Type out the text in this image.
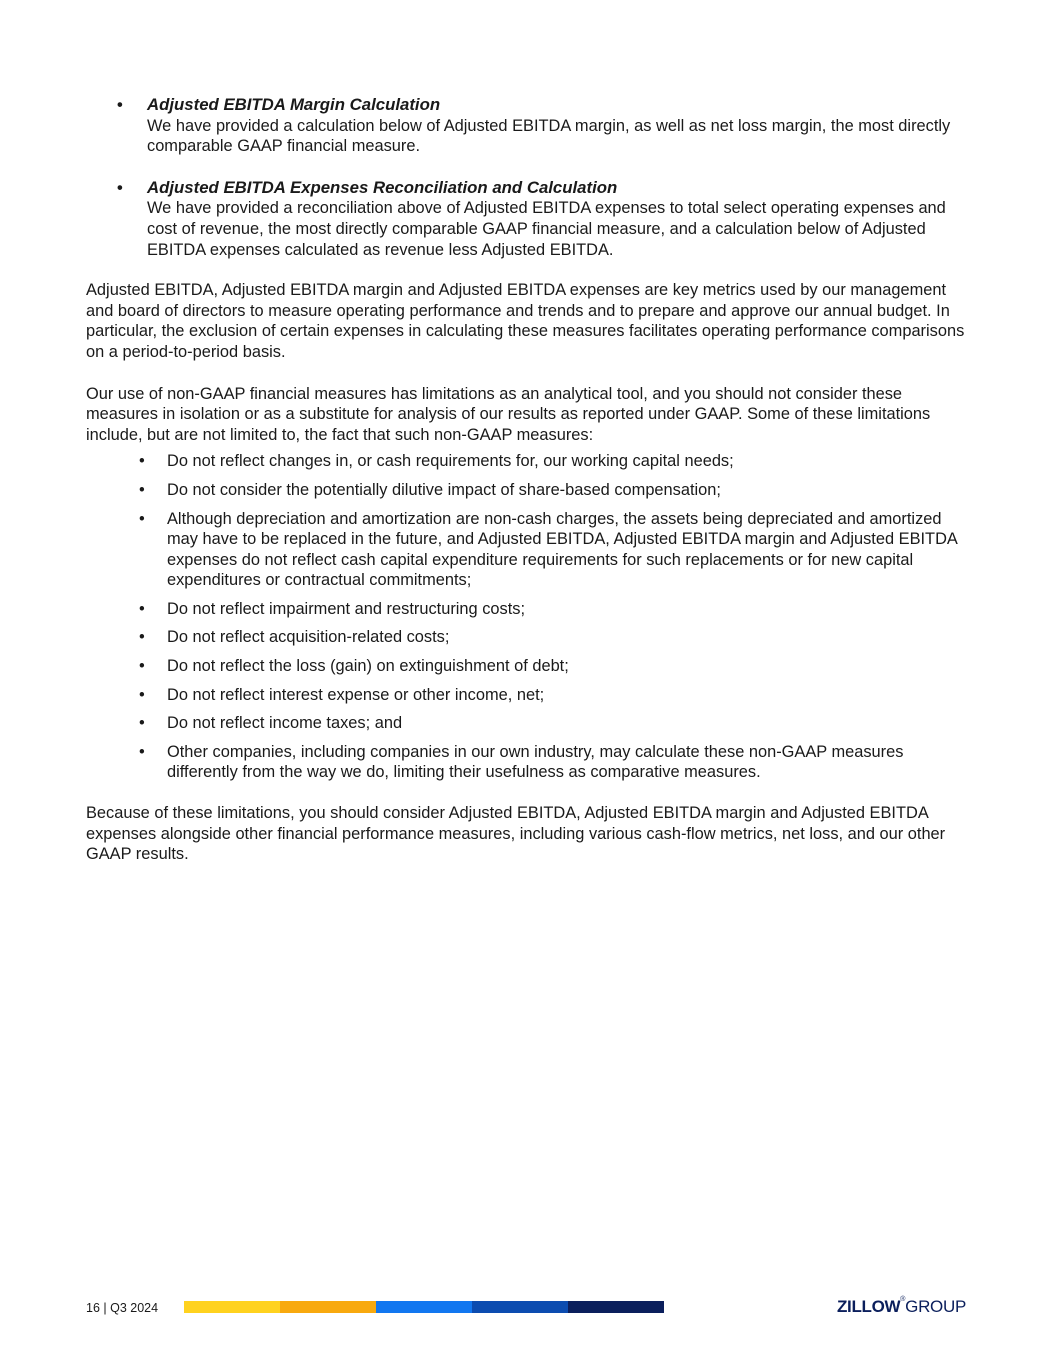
• Adjusted EBITDA Margin Calculation
We have provided a calculation below of Adjusted EBITDA margin, as well as net loss margin, the most directly comparable GAAP financial measure.
• Adjusted EBITDA Expenses Reconciliation and Calculation
We have provided a reconciliation above of Adjusted EBITDA expenses to total select operating expenses and cost of revenue, the most directly comparable GAAP financial measure, and a calculation below of Adjusted EBITDA expenses calculated as revenue less Adjusted EBITDA.

Adjusted EBITDA, Adjusted EBITDA margin and Adjusted EBITDA expenses are key metrics used by our management and board of directors to measure operating performance and trends and to prepare and approve our annual budget. In particular, the exclusion of certain expenses in calculating these measures facilitates operating performance comparisons on a period-to-period basis.

Our use of non-GAAP financial measures has limitations as an analytical tool, and you should not consider these measures in isolation or as a substitute for analysis of our results as reported under GAAP. Some of these limitations include, but are not limited to, the fact that such non-GAAP measures:

• Do not reflect changes in, or cash requirements for, our working capital needs;
• Do not consider the potentially dilutive impact of share-based compensation;
• Although depreciation and amortization are non-cash charges, the assets being depreciated and amortized may have to be replaced in the future, and Adjusted EBITDA, Adjusted EBITDA margin and Adjusted EBITDA expenses do not reflect cash capital expenditure requirements for such replacements or for new capital expenditures or contractual commitments;
• Do not reflect impairment and restructuring costs;
• Do not reflect acquisition-related costs;
• Do not reflect the loss (gain) on extinguishment of debt;
• Do not reflect interest expense or other income, net;
• Do not reflect income taxes; and
• Other companies, including companies in our own industry, may calculate these non-GAAP measures differently from the way we do, limiting their usefulness as comparative measures.

Because of these limitations, you should consider Adjusted EBITDA, Adjusted EBITDA margin and Adjusted EBITDA expenses alongside other financial performance measures, including various cash-flow metrics, net loss, and our other GAAP results.

16 | Q3 2024	ZILLOW®GROUP
